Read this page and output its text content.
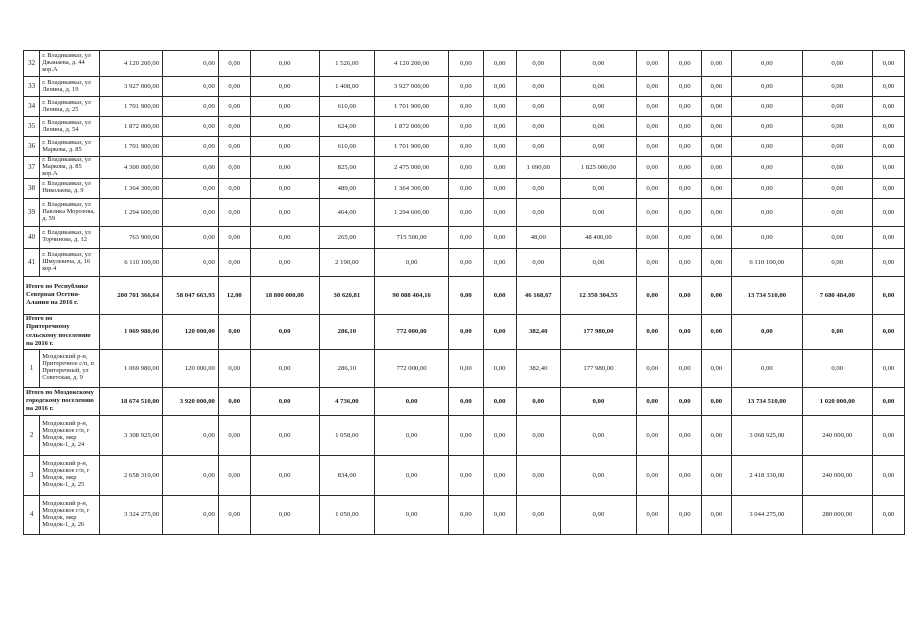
32	г. Владикавказ, ул Джанаева, д. 44 кор.А	4 120 200,00	0,00	0,00	0,00	1 526,00	4 120 200,00	0,00	0,00	0,00	0,00	0,00	0,00	0,00	0,00	0,00	0,00
33	г. Владикавказ, ул Ленина, д. 19	3 927 000,00	0,00	0,00	0,00	1 408,00	3 927 000,00	0,00	0,00	0,00	0,00	0,00	0,00	0,00	0,00	0,00	0,00
34	г. Владикавказ, ул Ленина, д. 25	1 701 900,00	0,00	0,00	0,00	610,00	1 701 900,00	0,00	0,00	0,00	0,00	0,00	0,00	0,00	0,00	0,00	0,00
35	г. Владикавказ, ул Ленина, д. 54	1 872 000,00	0,00	0,00	0,00	624,00	1 872 000,00	0,00	0,00	0,00	0,00	0,00	0,00	0,00	0,00	0,00	0,00
36	г. Владикавказ, ул Маркова, д. 85	1 701 900,00	0,00	0,00	0,00	610,00	1 701 900,00	0,00	0,00	0,00	0,00	0,00	0,00	0,00	0,00	0,00	0,00
37	г. Владикавказ, ул Маркова, д. 85 кор.А	4 300 000,00	0,00	0,00	0,00	825,00	2 475 000,00	0,00	0,00	1 690,00	1 825 000,00	0,00	0,00	0,00	0,00	0,00	0,00
38	г. Владикавказ, ул Николаева, д. 9	1 364 300,00	0,00	0,00	0,00	489,00	1 364 300,00	0,00	0,00	0,00	0,00	0,00	0,00	0,00	0,00	0,00	0,00
39	г. Владикавказ, ул Павлика Морозова, д. 59	1 294 600,00	0,00	0,00	0,00	464,00	1 294 600,00	0,00	0,00	0,00	0,00	0,00	0,00	0,00	0,00	0,00	0,00
40	г. Владикавказ, ул Торчинова, д. 12	763 900,00	0,00	0,00	0,00	265,00	715 500,00	0,00	0,00	48,00	48 400,00	0,00	0,00	0,00	0,00	0,00	0,00
41	г. Владикавказ, ул Шмулевича, д. 16 кор.4	6 110 100,00	0,00	0,00	0,00	2 190,00	0,00	0,00	0,00	0,00	0,00	0,00	0,00	0,00	6 110 100,00	0,00	0,00
Итого по Республике Северная Осетия-Алания на 2016 г.		200 701 366,64	58 047 663,93	12,00	18 800 000,00	30 620,81	90 088 404,16	0,00	0,00	46 168,67	12 350 304,55	0,00	0,00	0,00	13 734 510,00	7 680 484,00	0,00
Итого по Притеречному сельскому поселению на 2016 г.		1 069 980,00	120 000,00	0,00	0,00	286,10	772 000,00	0,00	0,00	382,40	177 980,00	0,00	0,00	0,00	0,00	0,00	0,00
1	Моздокский р-н, Притеречное с/п, п Притеречный, ул Советская, д. 9	1 069 980,00	120 000,00	0,00	0,00	286,10	772 000,00	0,00	0,00	382,40	177 980,00	0,00	0,00	0,00	0,00	0,00	0,00
Итого по Моздокскому городскому поселению на 2016 г.		18 674 510,00	3 920 000,00	0,00	0,00	4 736,00	0,00	0,00	0,00	0,00	0,00	0,00	0,00	0,00	13 734 510,00	1 020 000,00	0,00
2	Моздокский р-н, Моздокское г/п, г Моздок, мкр Моздок-1, д. 24	3 308 925,00	0,00	0,00	0,00	1 058,00	0,00	0,00	0,00	0,00	0,00	0,00	0,00	0,00	3 068 925,00	240 000,00	0,00
3	Моздокский р-н, Моздокское г/п, г Моздок, мкр Моздок-1, д. 25	2 658 310,00	0,00	0,00	0,00	834,00	0,00	0,00	0,00	0,00	0,00	0,00	0,00	0,00	2 418 330,00	240 000,00	0,00
4	Моздокский р-н, Моздокское г/п, г Моздок, мкр Моздок-1, д. 26	3 324 275,00	0,00	0,00	0,00	1 050,00	0,00	0,00	0,00	0,00	0,00	0,00	0,00	0,00	3 044 275,00	280 000,00	0,00
